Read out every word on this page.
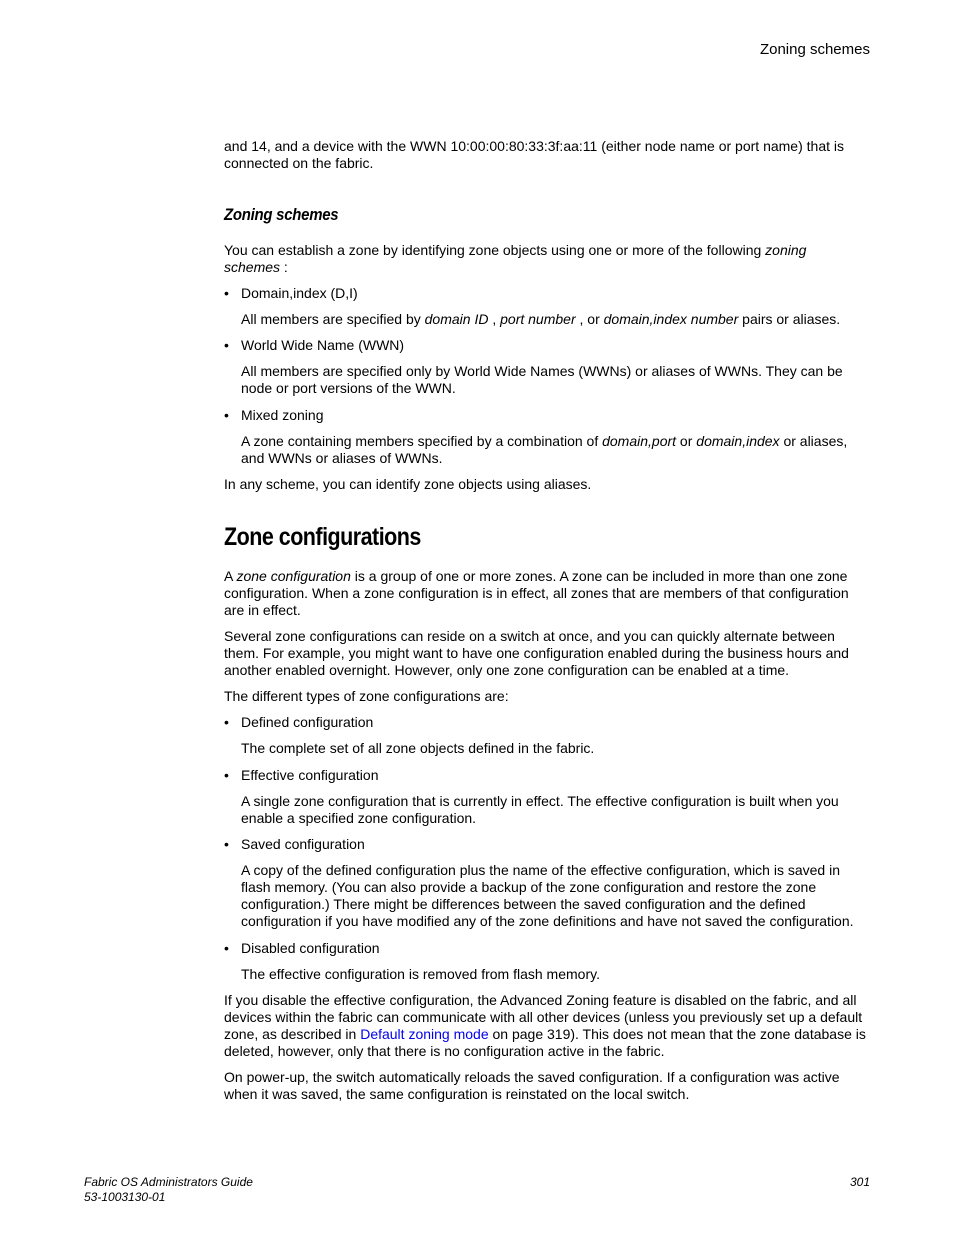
Zoning schemes

and 14, and a device with the WWN 10:00:00:80:33:3f:aa:11 (either node name or port name) that is connected on the fabric.

Zoning schemes

You can establish a zone by identifying zone objects using one or more of the following zoning schemes :

• Domain,index (D,I)

All members are specified by domain ID , port number , or domain,index number pairs or aliases.

• World Wide Name (WWN)

All members are specified only by World Wide Names (WWNs) or aliases of WWNs. They can be node or port versions of the WWN.

• Mixed zoning

A zone containing members specified by a combination of domain,port or domain,index or aliases, and WWNs or aliases of WWNs.

In any scheme, you can identify zone objects using aliases.

Zone configurations

A zone configuration is a group of one or more zones. A zone can be included in more than one zone configuration. When a zone configuration is in effect, all zones that are members of that configuration are in effect.

Several zone configurations can reside on a switch at once, and you can quickly alternate between them. For example, you might want to have one configuration enabled during the business hours and another enabled overnight. However, only one zone configuration can be enabled at a time.

The different types of zone configurations are:

• Defined configuration

The complete set of all zone objects defined in the fabric.

• Effective configuration

A single zone configuration that is currently in effect. The effective configuration is built when you enable a specified zone configuration.

• Saved configuration

A copy of the defined configuration plus the name of the effective configuration, which is saved in flash memory. (You can also provide a backup of the zone configuration and restore the zone configuration.) There might be differences between the saved configuration and the defined configuration if you have modified any of the zone definitions and have not saved the configuration.

• Disabled configuration

The effective configuration is removed from flash memory.

If you disable the effective configuration, the Advanced Zoning feature is disabled on the fabric, and all devices within the fabric can communicate with all other devices (unless you previously set up a default zone, as described in Default zoning mode on page 319). This does not mean that the zone database is deleted, however, only that there is no configuration active in the fabric.

On power-up, the switch automatically reloads the saved configuration. If a configuration was active when it was saved, the same configuration is reinstated on the local switch.

Fabric OS Administrators Guide
53-1003130-01
301
